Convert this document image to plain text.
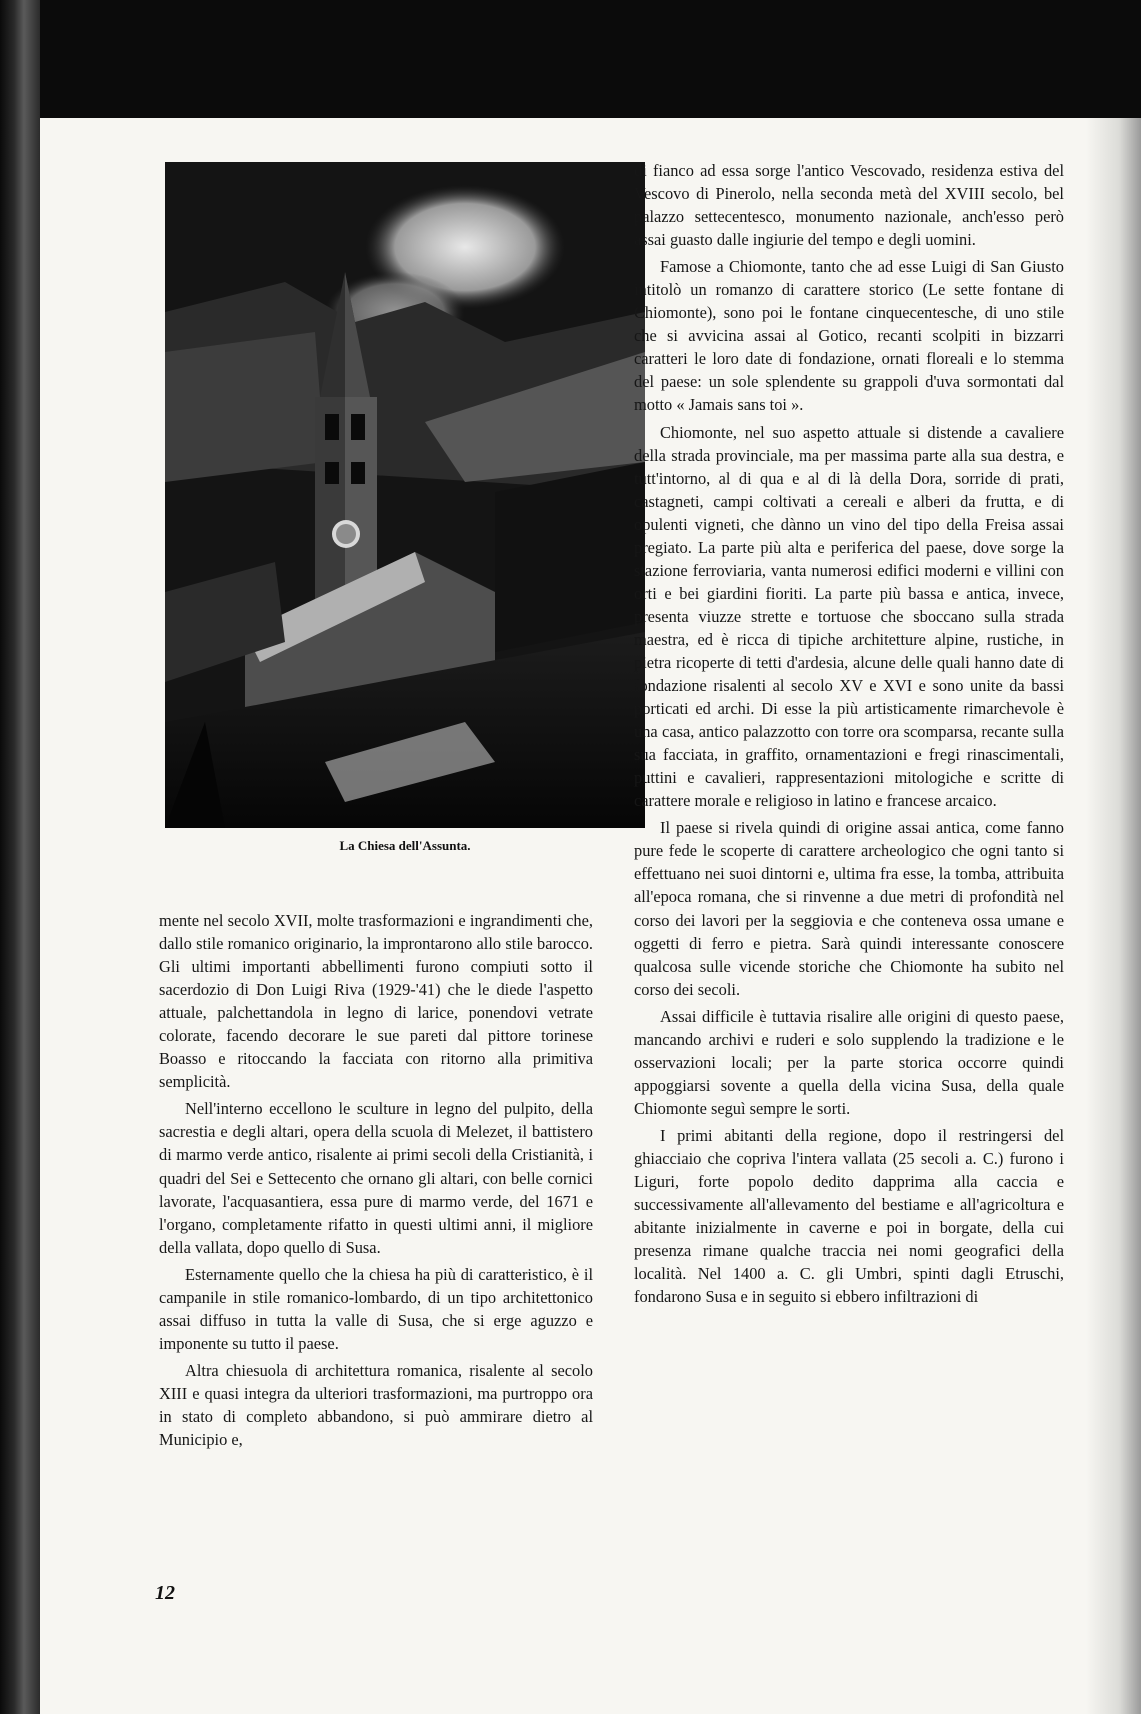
La Chiesa dell'Assunta.

mente nel secolo XVII, molte trasformazioni e ingrandimenti che, dallo stile romanico originario, la improntarono allo stile barocco. Gli ultimi importanti abbellimenti furono compiuti sotto il sacerdozio di Don Luigi Riva (1929-'41) che le diede l'aspetto attuale, palchettandola in legno di larice, ponendovi vetrate colorate, facendo decorare le sue pareti dal pittore torinese Boasso e ritoccando la facciata con ritorno alla primitiva semplicità.

Nell'interno eccellono le sculture in legno del pulpito, della sacrestia e degli altari, opera della scuola di Melezet, il battistero di marmo verde antico, risalente ai primi secoli della Cristianità, i quadri del Sei e Settecento che ornano gli altari, con belle cornici lavorate, l'acquasantiera, essa pure di marmo verde, del 1671 e l'organo, completamente rifatto in questi ultimi anni, il migliore della vallata, dopo quello di Susa.

Esternamente quello che la chiesa ha più di caratteristico, è il campanile in stile romanico-lombardo, di un tipo architettonico assai diffuso in tutta la valle di Susa, che si erge aguzzo e imponente su tutto il paese.

Altra chiesuola di architettura romanica, risalente al secolo XIII e quasi integra da ulteriori trasformazioni, ma purtroppo ora in stato di completo abbandono, si può ammirare dietro al Municipio e,

di fianco ad essa sorge l'antico Vescovado, residenza estiva del Vescovo di Pinerolo, nella seconda metà del XVIII secolo, bel palazzo settecentesco, monumento nazionale, anch'esso però assai guasto dalle ingiurie del tempo e degli uomini.

Famose a Chiomonte, tanto che ad esse Luigi di San Giusto intitolò un romanzo di carattere storico (Le sette fontane di Chiomonte), sono poi le fontane cinquecentesche, di uno stile che si avvicina assai al Gotico, recanti scolpiti in bizzarri caratteri le loro date di fondazione, ornati floreali e lo stemma del paese: un sole splendente su grappoli d'uva sormontati dal motto « Jamais sans toi ».

Chiomonte, nel suo aspetto attuale si distende a cavaliere della strada provinciale, ma per massima parte alla sua destra, e tutt'intorno, al di qua e al di là della Dora, sorride di prati, castagneti, campi coltivati a cereali e alberi da frutta, e di opulenti vigneti, che dànno un vino del tipo della Freisa assai pregiato. La parte più alta e periferica del paese, dove sorge la stazione ferroviaria, vanta numerosi edifici moderni e villini con orti e bei giardini fioriti. La parte più bassa e antica, invece, presenta viuzze strette e tortuose che sboccano sulla strada maestra, ed è ricca di tipiche architetture alpine, rustiche, in pietra ricoperte di tetti d'ardesia, alcune delle quali hanno date di fondazione risalenti al secolo XV e XVI e sono unite da bassi porticati ed archi. Di esse la più artisticamente rimarchevole è una casa, antico palazzotto con torre ora scomparsa, recante sulla sua facciata, in graffito, ornamentazioni e fregi rinascimentali, puttini e cavalieri, rappresentazioni mitologiche e scritte di carattere morale e religioso in latino e francese arcaico.

Il paese si rivela quindi di origine assai antica, come fanno pure fede le scoperte di carattere archeologico che ogni tanto si effettuano nei suoi dintorni e, ultima fra esse, la tomba, attribuita all'epoca romana, che si rinvenne a due metri di profondità nel corso dei lavori per la seggiovia e che conteneva ossa umane e oggetti di ferro e pietra. Sarà quindi interessante conoscere qualcosa sulle vicende storiche che Chiomonte ha subito nel corso dei secoli.

Assai difficile è tuttavia risalire alle origini di questo paese, mancando archivi e ruderi e solo supplendo la tradizione e le osservazioni locali; per la parte storica occorre quindi appoggiarsi sovente a quella della vicina Susa, della quale Chiomonte seguì sempre le sorti.

I primi abitanti della regione, dopo il restringersi del ghiacciaio che copriva l'intera vallata (25 secoli a. C.) furono i Liguri, forte popolo dedito dapprima alla caccia e successivamente all'allevamento del bestiame e all'agricoltura e abitante inizialmente in caverne e poi in borgate, della cui presenza rimane qualche traccia nei nomi geografici della località. Nel 1400 a. C. gli Umbri, spinti dagli Etruschi, fondarono Susa e in seguito si ebbero infiltrazioni di

12
